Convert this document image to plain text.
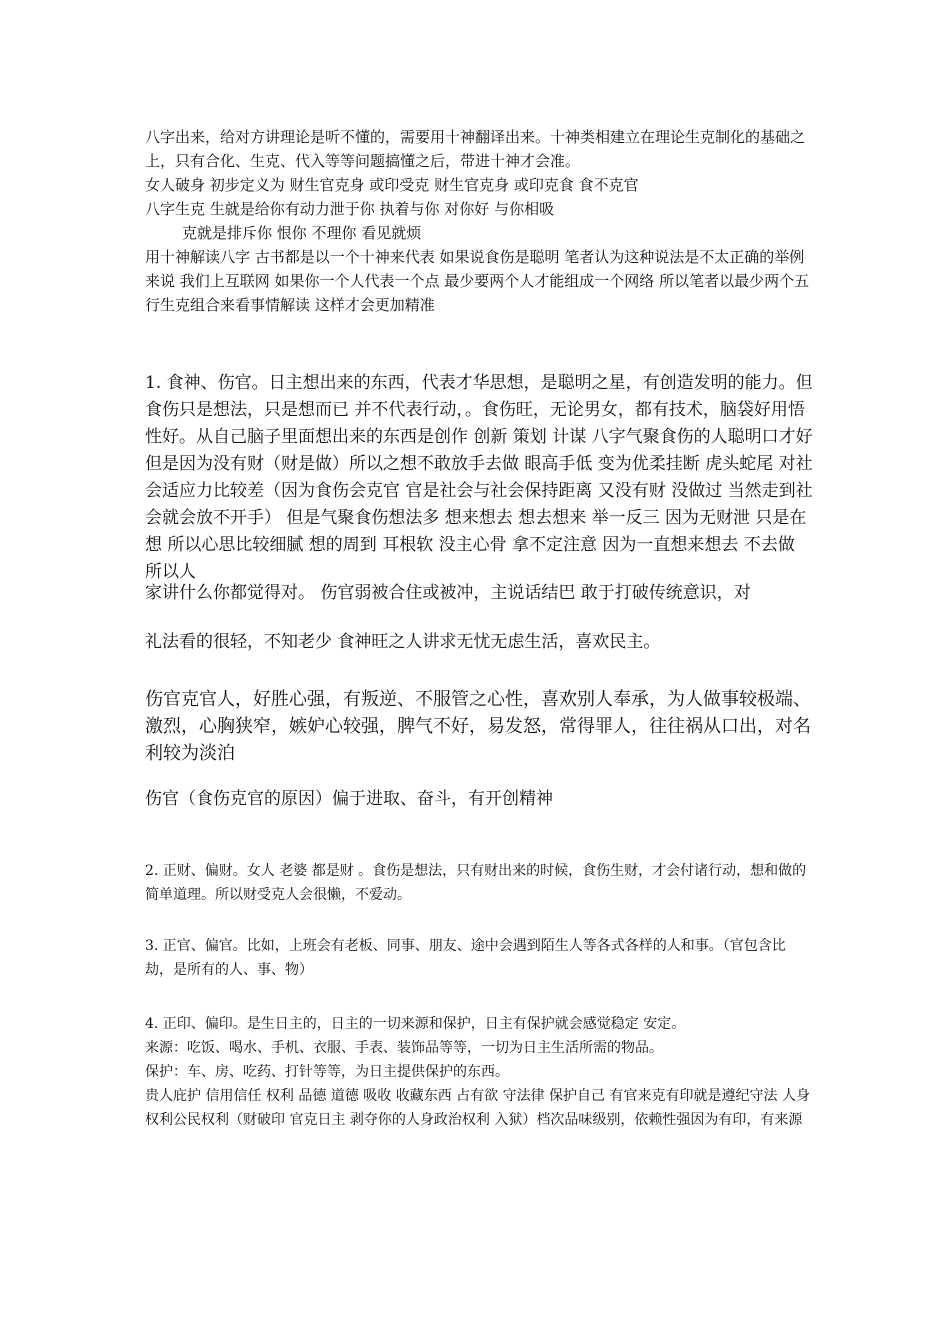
八字出来，给对方讲理论是听不懂的，需要用十神翻译出来。十神类相建立在理论生克制化的基础之上，只有合化、生克、代入等等问题搞懂之后，带进十神才会准。

女人破身 初步定义为 财生官克身 或印受克 财生官克身 或印克食 食不克官

八字生克 生就是给你有动力泄于你 执着与你 对你好 与你相吸

克就是排斥你 恨你 不理你 看见就烦

用十神解读八字 古书都是以一个十神来代表 如果说食伤是聪明 笔者认为这种说法是不太正确的举例来说 我们上互联网 如果你一个人代表一个点 最少要两个人才能组成一个网络 所以笔者以最少两个五行生克组合来看事情解读 这样才会更加精准

1. 食神、伤官。日主想出来的东西，代表才华思想，是聪明之星，有创造发明的能力。但食伤只是想法，只是想而已 并不代表行动，。食伤旺，无论男女，都有技术，脑袋好用悟性好。从自己脑子里面想出来的东西是创作 创新 策划 计谋 八字气聚食伤的人聪明口才好但是因为没有财（财是做）所以之想不敢放手去做 眼高手低 变为优柔挂断 虎头蛇尾 对社会适应力比较差（因为食伤会克官 官是社会与社会保持距离 又没有财 没做过 当然走到社会就会放不开手） 但是气聚食伤想法多 想来想去 想去想来 举一反三 因为无财泄 只是在想 所以心思比较细腻 想的周到 耳根软 没主心骨 拿不定注意 因为一直想来想去 不去做 所以人

家讲什么你都觉得对。 伤官弱被合住或被冲，主说话结巴 敢于打破传统意识，对

礼法看的很轻，不知老少 食神旺之人讲求无忧无虑生活，喜欢民主。

伤官克官人，好胜心强，有叛逆、不服管之心性，喜欢别人奉承，为人做事较极端、激烈，心胸狭窄，嫉妒心较强，脾气不好，易发怒，常得罪人，往往祸从口出，对名利较为淡泊

伤官（食伤克官的原因）偏于进取、奋斗，有开创精神

2. 正财、偏财。女人 老婆 都是财 。食伤是想法，只有财出来的时候，食伤生财，才会付诸行动，想和做的简单道理。所以财受克人会很懒，不爱动。

3. 正官、偏官。比如，上班会有老板、同事、朋友、途中会遇到陌生人等各式各样的人和事。（官包含比劫，是所有的人、事、物）

4. 正印、偏印。是生日主的，日主的一切来源和保护，日主有保护就会感觉稳定 安定。

来源：吃饭、喝水、手机、衣服、手表、装饰品等等，一切为日主生活所需的物品。

保护：车、房、吃药、打针等等，为日主提供保护的东西。

贵人庇护 信用信任 权利 品德 道德 吸收 收藏东西 占有欲 守法律 保护自己 有官来克有印就是遵纪守法 人身权利公民权利（财破印 官克日主 剥夺你的人身政治权利 入狱）档次品味级别，依赖性强因为有印，有来源
